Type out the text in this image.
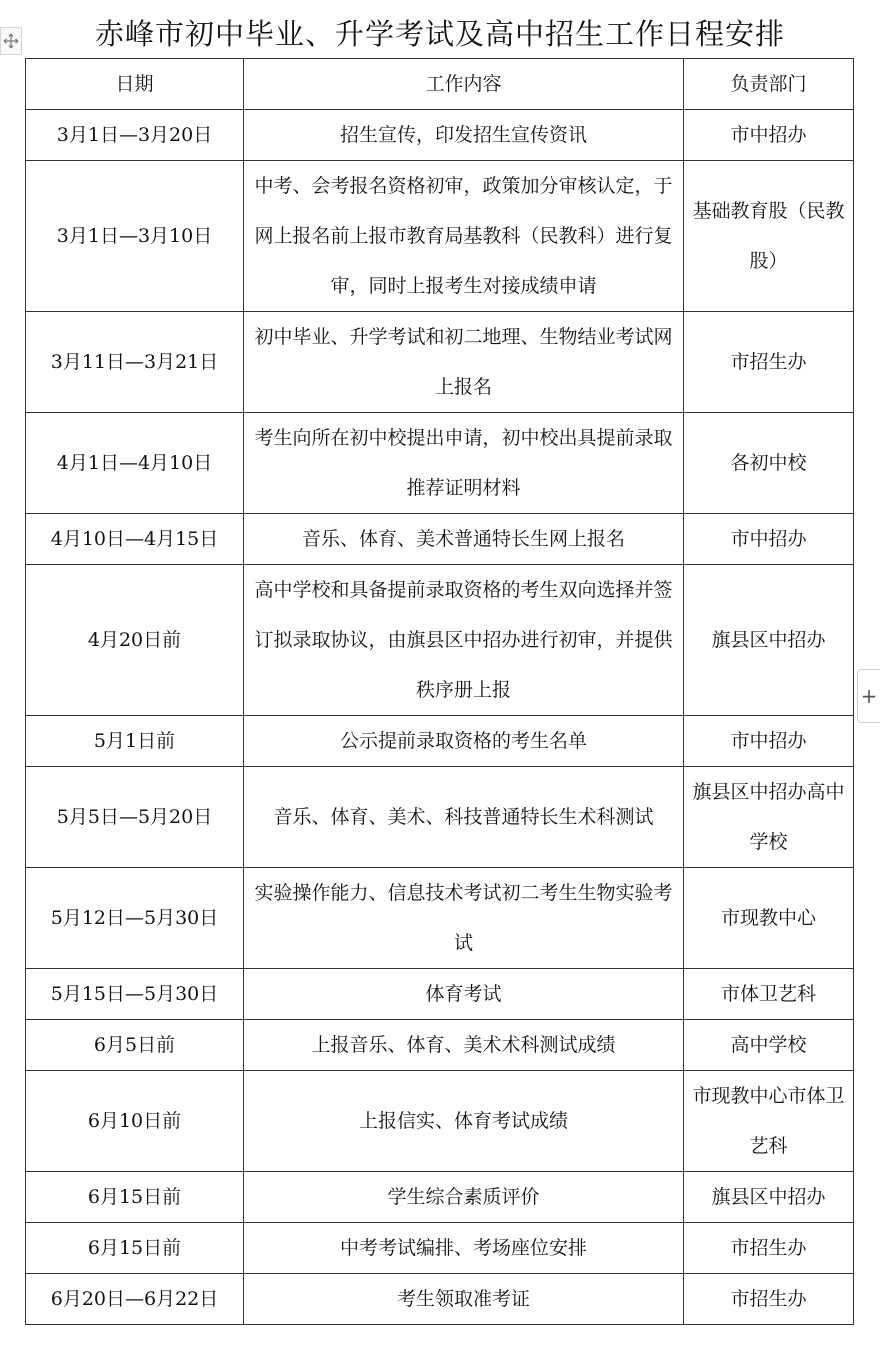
赤峰市初中毕业、升学考试及高中招生工作日程安排
日期	工作内容	负责部门
3月1日—3月20日	招生宣传，印发招生宣传资讯	市中招办
3月1日—3月10日	中考、会考报名资格初审，政策加分审核认定，于网上报名前上报市教育局基教科（民教科）进行复审，同时上报考生对接成绩申请	基础教育股（民教股）
3月11日—3月21日	初中毕业、升学考试和初二地理、生物结业考试网上报名	市招生办
4月1日—4月10日	考生向所在初中校提出申请，初中校出具提前录取推荐证明材料	各初中校
4月10日—4月15日	音乐、体育、美术普通特长生网上报名	市中招办
4月20日前	高中学校和具备提前录取资格的考生双向选择并签订拟录取协议，由旗县区中招办进行初审，并提供秩序册上报	旗县区中招办
5月1日前	公示提前录取资格的考生名单	市中招办
5月5日—5月20日	音乐、体育、美术、科技普通特长生术科测试	旗县区中招办高中学校
5月12日—5月30日	实验操作能力、信息技术考试初二考生生物实验考试	市现教中心
5月15日—5月30日	体育考试	市体卫艺科
6月5日前	上报音乐、体育、美术术科测试成绩	高中学校
6月10日前	上报信实、体育考试成绩	市现教中心市体卫艺科
6月15日前	学生综合素质评价	旗县区中招办
6月15日前	中考考试编排、考场座位安排	市招生办
6月20日—6月22日	考生领取准考证	市招生办
+
